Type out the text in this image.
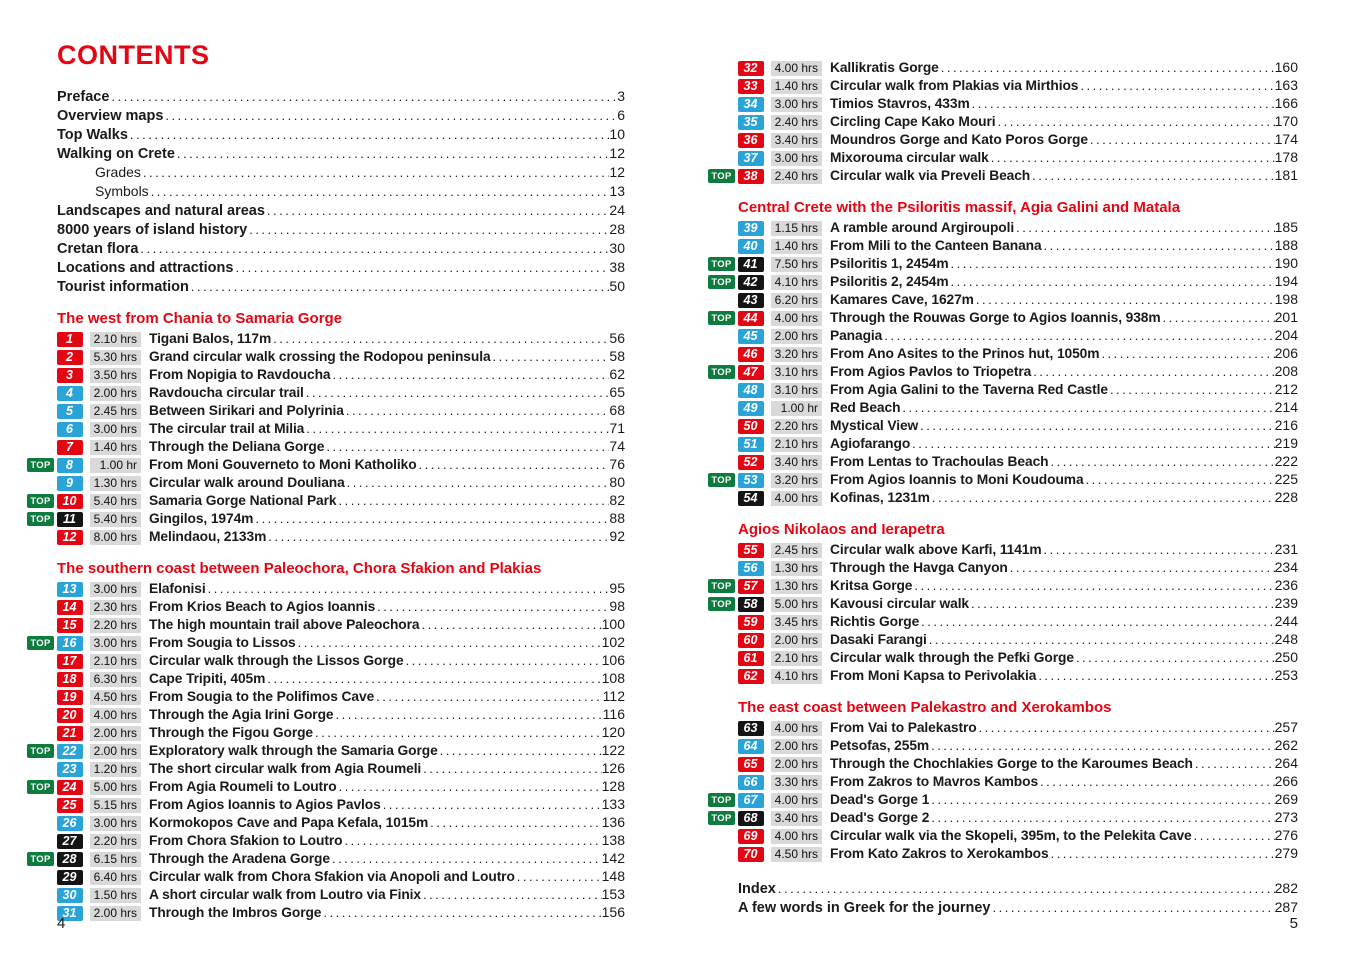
CONTENTS
Preface .....	3
Overview maps .....	6
Top Walks .....	10
Walking on Crete .....	12
Grades .....	12
Symbols .....	13
Landscapes and natural areas .....	24
8000 years of island history .....	28
Cretan flora .....	30
Locations and attractions .....	38
Tourist information .....	50
The west from Chania to Samaria Gorge
1	2.10 hrs Tigani Balos, 117m .....	56
2	5.30 hrs Grand circular walk crossing the Rodopou peninsula .....	58
3	3.50 hrs From Nopigia to Ravdoucha .....	62
4	2.00 hrs Ravdoucha circular trail .....	65
5	2.45 hrs Between Sirikari and Polyrinia .....	68
6	3.00 hrs The circular trail at Milia .....	71
7	1.40 hrs Through the Deliana Gorge .....	74
TOP	8	1.00 hr From Moni Gouverneto to Moni Katholiko .....	76
9	1.30 hrs Circular walk around Douliana .....	80
TOP 10	5.40 hrs Samaria Gorge National Park .....	82
TOP 11	5.40 hrs Gingilos, 1974m .....	88
12	8.00 hrs Melindaou, 2133m .....	92
The southern coast between Paleochora, Chora Sfakion and Plakias
13	3.00 hrs Elafonisi .....	95
14	2.30 hrs From Krios Beach to Agios Ioannis .....	98
15	2.20 hrs The high mountain trail above Paleochora .....	100
TOP 16	3.00 hrs From Sougia to Lissos .....	102
17	2.10 hrs Circular walk through the Lissos Gorge .....	106
18	6.30 hrs Cape Tripiti, 405m .....	108
19	4.50 hrs From Sougia to the Polifimos Cave .....	112
20	4.00 hrs Through the Agia Irini Gorge .....	116
21	2.00 hrs Through the Figou Gorge .....	120
TOP 22	2.00 hrs Exploratory walk through the Samaria Gorge .....	122
23	1.20 hrs The short circular walk from Agia Roumeli .....	126
TOP 24	5.00 hrs From Agia Roumeli to Loutro .....	128
25	5.15 hrs From Agios Ioannis to Agios Pavlos .....	133
26	3.00 hrs Kormokopos Cave and Papa Kefala, 1015m .....	136
27	2.20 hrs From Chora Sfakion to Loutro .....	138
TOP 28	6.15 hrs Through the Aradena Gorge .....	142
29	6.40 hrs Circular walk from Chora Sfakion via Anopoli and Loutro .....	148
30	1.50 hrs A short circular walk from Loutro via Finix .....	153
31	2.00 hrs Through the Imbros Gorge .....	156
32	4.00 hrs Kallikratis Gorge .....	160
33	1.40 hrs Circular walk from Plakias via Mirthios .....	163
34	3.00 hrs Timios Stavros, 433m .....	166
35	2.40 hrs Circling Cape Kako Mouri .....	170
36	3.40 hrs Moundros Gorge and Kato Poros Gorge .....	174
37	3.00 hrs Mixorouma circular walk .....	178
TOP 38	2.40 hrs Circular walk via Preveli Beach .....	181
Central Crete with the Psiloritis massif, Agia Galini and Matala
39	1.15 hrs A ramble around Argiroupoli .....	185
40	1.40 hrs From Mili to the Canteen Banana .....	188
TOP 41	7.50 hrs Psiloritis 1, 2454m .....	190
TOP 42	4.10 hrs Psiloritis 2, 2454m .....	194
43	6.20 hrs Kamares Cave, 1627m .....	198
TOP 44	4.00 hrs Through the Rouwas Gorge to Agios Ioannis, 938m .....	201
45	2.00 hrs Panagia .....	204
46	3.20 hrs From Ano Asites to the Prinos hut, 1050m .....	206
TOP 47	3.10 hrs From Agios Pavlos to Triopetra .....	208
48	3.10 hrs From Agia Galini to the Taverna Red Castle .....	212
49	1.00 hr Red Beach .....	214
50	2.20 hrs Mystical View .....	216
51	2.10 hrs Agiofarango .....	219
52	3.40 hrs From Lentas to Trachoulas Beach .....	222
TOP 53	3.20 hrs From Agios Ioannis to Moni Koudouma .....	225
54	4.00 hrs Kofinas, 1231m .....	228
Agios Nikolaos and Ierapetra
55	2.45 hrs Circular walk above Karfi, 1141m .....	231
56	1.30 hrs Through the Havga Canyon .....	234
TOP 57	1.30 hrs Kritsa Gorge .....	236
TOP 58	5.00 hrs Kavousi circular walk .....	239
59	3.45 hrs Richtis Gorge .....	244
60	2.00 hrs Dasaki Farangi .....	248
61	2.10 hrs Circular walk through the Pefki Gorge .....	250
62	4.10 hrs From Moni Kapsa to Perivolakia .....	253
The east coast between Palekastro and Xerokambos
63	4.00 hrs From Vai to Palekastro .....	257
64	2.00 hrs Petsofas, 255m .....	262
65	2.00 hrs Through the Chochlakies Gorge to the Karoumes Beach .....	264
66	3.30 hrs From Zakros to Mavros Kambos .....	266
TOP 67	4.00 hrs Dead's Gorge 1 .....	269
TOP 68	3.40 hrs Dead's Gorge 2 .....	273
69	4.00 hrs Circular walk via the Skopeli, 395m, to the Pelekita Cave .....	276
70	4.50 hrs From Kato Zakros to Xerokambos .....	279
Index .....	282
A few words in Greek for the journey .....	287
4	5
